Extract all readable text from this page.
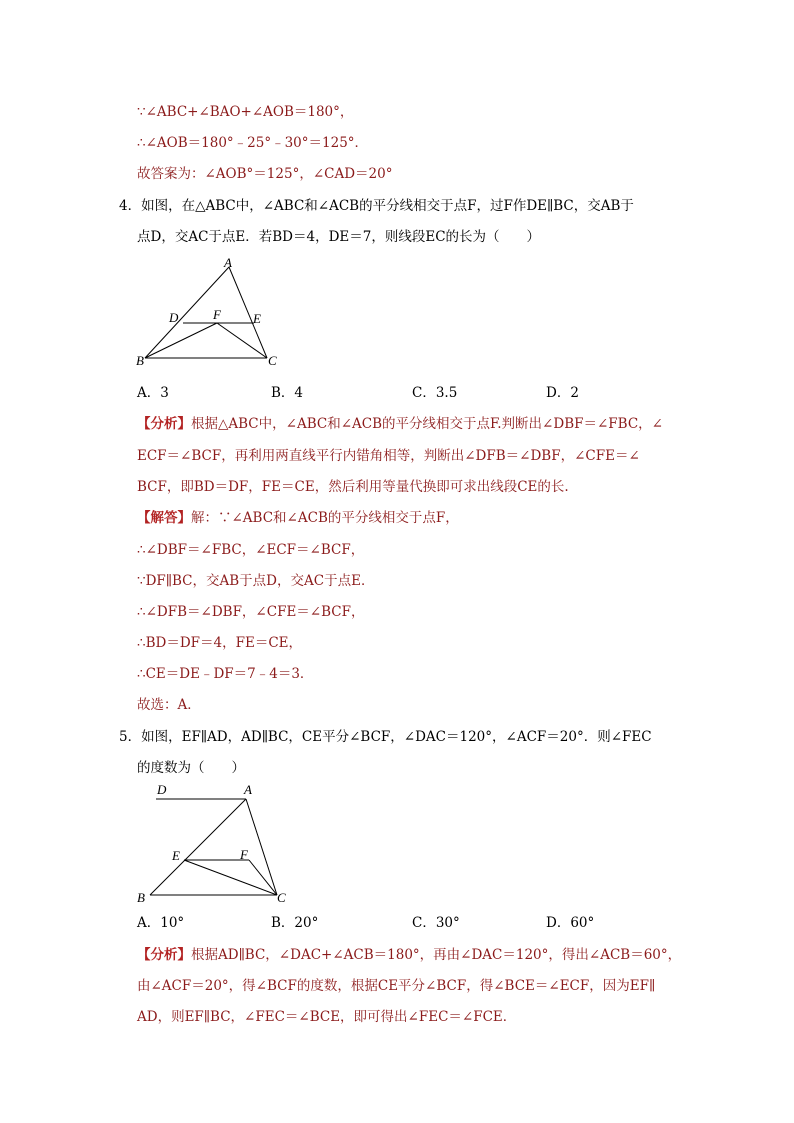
∵∠ABC+∠BAO+∠AOB＝180°，
∴∠AOB＝180°﹣25°﹣30°＝125°．
故答案为：∠AOB°＝125°，∠CAD＝20°
4．如图，在△ABC中，∠ABC和∠ACB的平分线相交于点F，过F作DE∥BC，交AB于
点D，交AC于点E．若BD＝4，DE＝7，则线段EC的长为（　　）
A
D	F E
B	C
A．3	B．4	C．3.5	D．2
【分析】根据△ABC中，∠ABC和∠ACB的平分线相交于点F.判断出∠DBF＝∠FBC，∠
ECF＝∠BCF，再利用两直线平行内错角相等，判断出∠DFB＝∠DBF，∠CFE＝∠
BCF，即BD＝DF，FE＝CE，然后利用等量代换即可求出线段CE的长.
【解答】解：∵∠ABC和∠ACB的平分线相交于点F，
∴∠DBF＝∠FBC，∠ECF＝∠BCF，
∵DF∥BC，交AB于点D，交AC于点E．
∴∠DFB＝∠DBF，∠CFE＝∠BCF，
∴BD＝DF＝4，FE＝CE，
∴CE＝DE﹣DF＝7﹣4＝3．
故选：A．
5．如图，EF∥AD，AD∥BC，CE平分∠BCF，∠DAC＝120°，∠ACF＝20°．则∠FEC
的度数为（　　）
D	A
E	F
B	C
A．10°	B．20°	C．30°	D．60°
【分析】根据AD∥BC，∠DAC+∠ACB＝180°，再由∠DAC＝120°，得出∠ACB＝60°，
由∠ACF＝20°，得∠BCF的度数，根据CE平分∠BCF，得∠BCE＝∠ECF，因为EF∥
AD，则EF∥BC，∠FEC＝∠BCE，即可得出∠FEC＝∠FCE．
